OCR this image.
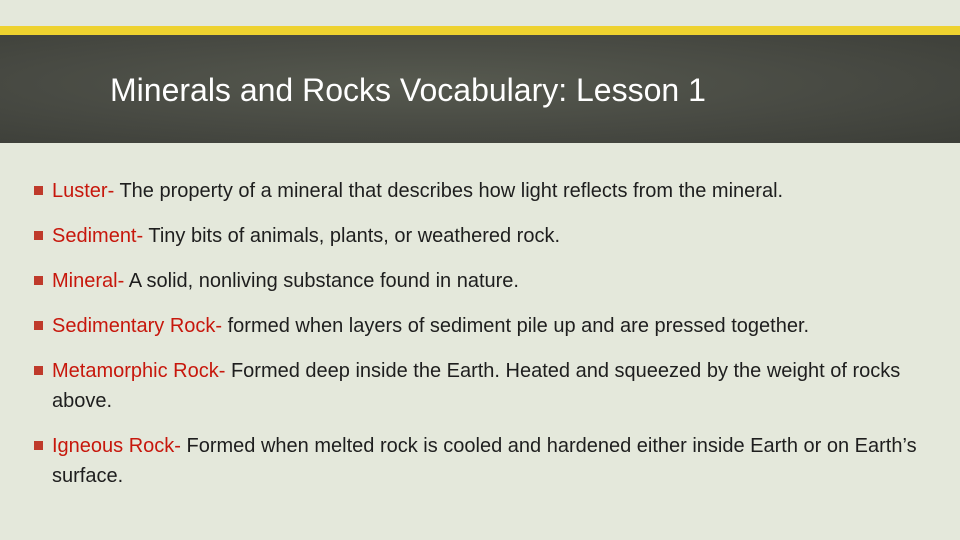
Minerals and Rocks Vocabulary: Lesson 1
Luster- The property of a mineral that describes how light reflects from the mineral.
Sediment- Tiny bits of animals, plants, or weathered rock.
Mineral- A solid, nonliving substance found in nature.
Sedimentary Rock- formed when layers of sediment pile up and are pressed together.
Metamorphic Rock- Formed deep inside the Earth. Heated and squeezed by the weight of rocks above.
Igneous Rock- Formed when melted rock is cooled and hardened either inside Earth or on Earth’s surface.
